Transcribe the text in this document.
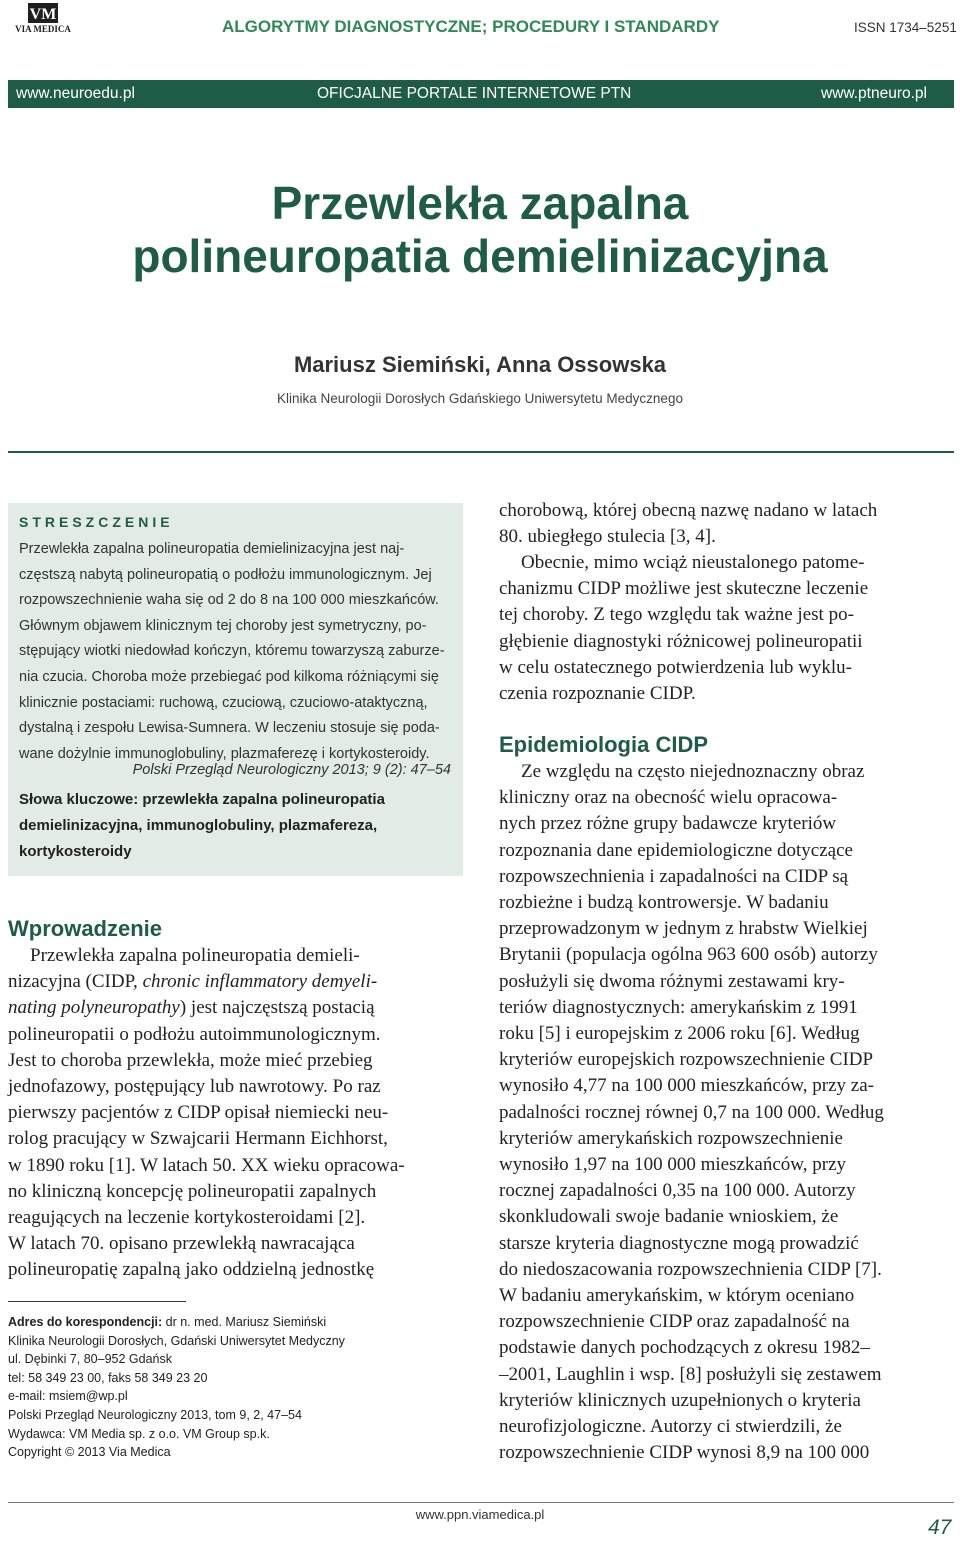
VM
VIA MEDICA	ALGORYTMY DIAGNOSTYCZNE; PROCEDURY I STANDARDY	ISSN 1734–5251
www.neuroedu.pl	OFICJALNE PORTALE INTERNETOWE PTN	www.ptneuro.pl
Przewlekła zapalna
polineuropatia demielinizacyjna
Mariusz Siemiński, Anna Ossowska
Klinika Neurologii Dorosłych Gdańskiego Uniwersytetu Medycznego
STRESZCZENIE
Przewlekła zapalna polineuropatia demielinizacyjna jest naj-
częstszą nabytą polineuropatią o podłożu immunologicznym. Jej
rozpowszechnienie waha się od 2 do 8 na 100 000 mieszkańców.
Głównym objawem klinicznym tej choroby jest symetryczny, po-
stępujący wiotki niedowład kończyn, któremu towarzyszą zaburze-
nia czucia. Choroba może przebiegać pod kilkoma różniącymi się
klinicznie postaciami: ruchową, czuciową, czuciowo-ataktyczną,
dystalną i zespołu Lewisa-Sumnera. W leczeniu stosuje się poda-
wane dożylnie immunoglobuliny, plazmaferezę i kortykosteroidy.
Polski Przegląd Neurologiczny 2013; 9 (2): 47–54
Słowa kluczowe: przewlekła zapalna polineuropatia
demielinizacyjna, immunoglobuliny, plazmafereza,
kortykosteroidy
Wprowadzenie
Przewlekła zapalna polineuropatia demieli-
nizacyjna (CIDP, chronic inflammatory demyeli-
nating polyneuropathy) jest najczęstszą postacią
polineuropatii o podłożu autoimmunologicznym.
Jest to choroba przewlekła, może mieć przebieg
jednofazowy, postępujący lub nawrotowy. Po raz
pierwszy pacjentów z CIDP opisał niemiecki neu-
rolog pracujący w Szwajcarii Hermann Eichhorst,
w 1890 roku [1]. W latach 50. XX wieku opracowa-
no kliniczną koncepcję polineuropatii zapalnych
reagujących na leczenie kortykosteroidami [2].
W latach 70. opisano przewlekłą nawracająca
polineuropatię zapalną jako oddzielną jednostkę
Adres do korespondencji: dr n. med. Mariusz Siemiński
Klinika Neurologii Dorosłych, Gdański Uniwersytet Medyczny
ul. Dębinki 7, 80–952 Gdańsk
tel: 58 349 23 00, faks 58 349 23 20
e-mail: msiem@wp.pl
Polski Przegląd Neurologiczny 2013, tom 9, 2, 47–54
Wydawca: VM Media sp. z o.o. VM Group sp.k.
Copyright © 2013 Via Medica
chorobową, której obecną nazwę nadano w latach
80. ubiegłego stulecia [3, 4].
Obecnie, mimo wciąż nieustalonego patome-
chanizmu CIDP możliwe jest skuteczne leczenie
tej choroby. Z tego względu tak ważne jest po-
głębienie diagnostyki różnicowej polineuropatii
w celu ostatecznego potwierdzenia lub wyklu-
czenia rozpoznanie CIDP.
Epidemiologia CIDP
Ze względu na często niejednoznaczny obraz
kliniczny oraz na obecność wielu opracowa-
nych przez różne grupy badawcze kryteriów
rozpoznania dane epidemiologiczne dotyczące
rozpowszechnienia i zapadalności na CIDP są
rozbieżne i budzą kontrowersje. W badaniu
przeprowadzonym w jednym z hrabstw Wielkiej
Brytanii (populacja ogólna 963 600 osób) autorzy
posłużyli się dwoma różnymi zestawami kry-
teriów diagnostycznych: amerykańskim z 1991
roku [5] i europejskim z 2006 roku [6]. Według
kryteriów europejskich rozpowszechnienie CIDP
wynosiło 4,77 na 100 000 mieszkańców, przy za-
padalności rocznej równej 0,7 na 100 000. Według
kryteriów amerykańskich rozpowszechnienie
wynosiło 1,97 na 100 000 mieszkańców, przy
rocznej zapadalności 0,35 na 100 000. Autorzy
skonkludowali swoje badanie wnioskiem, że
starsze kryteria diagnostyczne mogą prowadzić
do niedoszacowania rozpowszechnienia CIDP [7].
W badaniu amerykańskim, w którym oceniano
rozpowszechnienie CIDP oraz zapadalność na
podstawie danych pochodzących z okresu 1982–
–2001, Laughlin i wsp. [8] posłużyli się zestawem
kryteriów klinicznych uzupełnionych o kryteria
neurofizjologiczne. Autorzy ci stwierdzili, że
rozpowszechnienie CIDP wynosi 8,9 na 100 000
www.ppn.viamedica.pl
47
